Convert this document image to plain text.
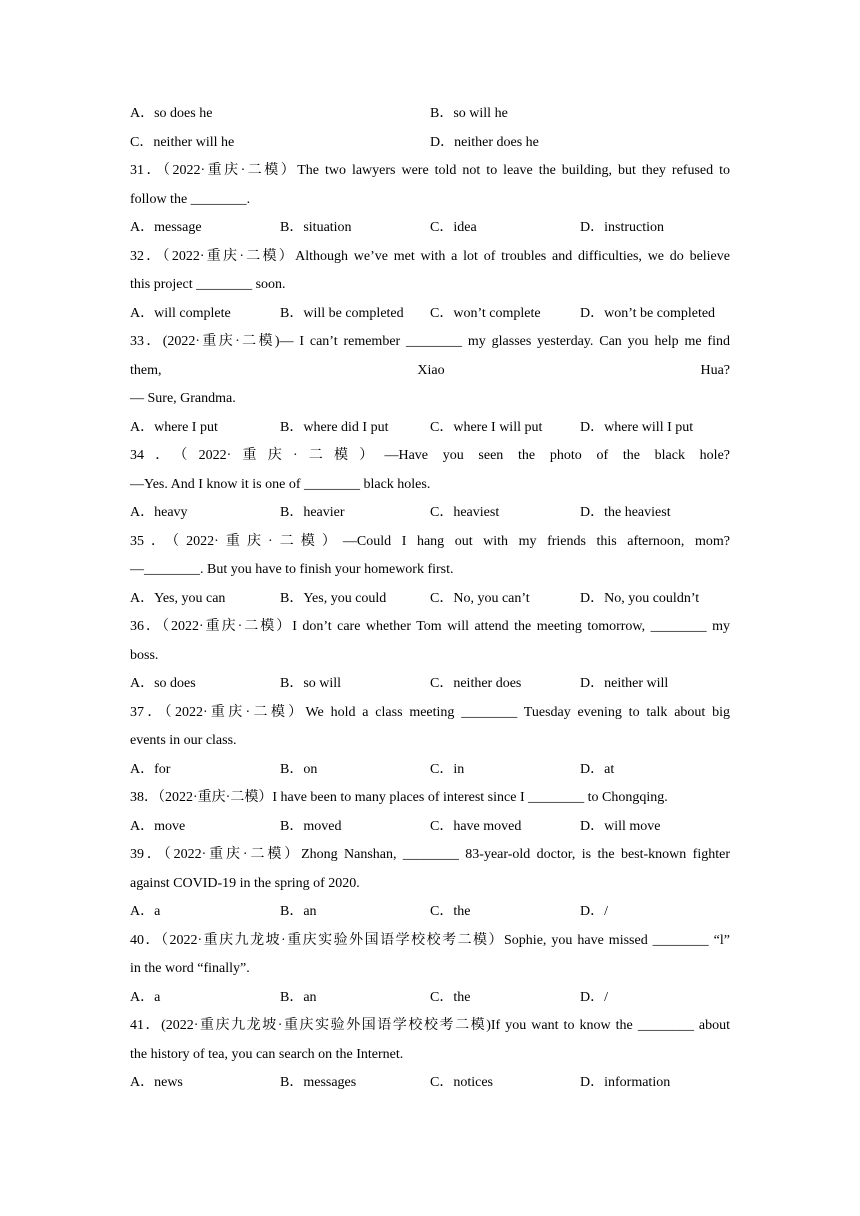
A．so does he	B．so will he
C．neither will he	D．neither does he
31．（2022·重庆·二模）The two lawyers were told not to leave the building, but they refused to
follow the ________.
A．message	B．situation	C．idea	D．instruction
32．（2022·重庆·二模）Although we’ve met with a lot of troubles and difficulties, we do believe
this project ________ soon.
A．will complete	B．will be completed	C．won’t complete	D．won’t be completed
33．(2022·重庆·二模)— I can’t remember ________ my glasses yesterday. Can you help me find
them, Xiao Hua?
— Sure, Grandma.
A．where I put	B．where did I put	C．where I will put	D．where will I put
34．（2022·重庆·二模）—Have you seen the photo of the black hole?
—Yes. And I know it is one of ________ black holes.
A．heavy	B．heavier	C．heaviest	D．the heaviest
35．（2022·重庆·二模）—Could I hang out with my friends this afternoon, mom?
—________. But you have to finish your homework first.
A．Yes, you can	B．Yes, you could	C．No, you can’t	D．No, you couldn’t
36．（2022·重庆·二模）I don’t care whether Tom will attend the meeting tomorrow, ________ my
boss.
A．so does	B．so will	C．neither does	D．neither will
37．（2022·重庆·二模）We hold a class meeting ________ Tuesday evening to talk about big
events in our class.
A．for	B．on	C．in	D．at
38．（2022·重庆·二模）I have been to many places of interest since I ________ to Chongqing.
A．move	B．moved	C．have moved	D．will move
39．（2022·重庆·二模）Zhong Nanshan, ________ 83-year-old doctor, is the best-known fighter
against COVID-19 in the spring of 2020.
A．a	B．an	C．the	D．/
40．（2022·重庆九龙坡·重庆实验外国语学校校考二模）Sophie, you have missed ________ “l”
in the word “finally”.
A．a	B．an	C．the	D．/
41．(2022·重庆九龙坡·重庆实验外国语学校校考二模)If you want to know the ________ about
the history of tea, you can search on the Internet.
A．news	B．messages	C．notices	D．information
